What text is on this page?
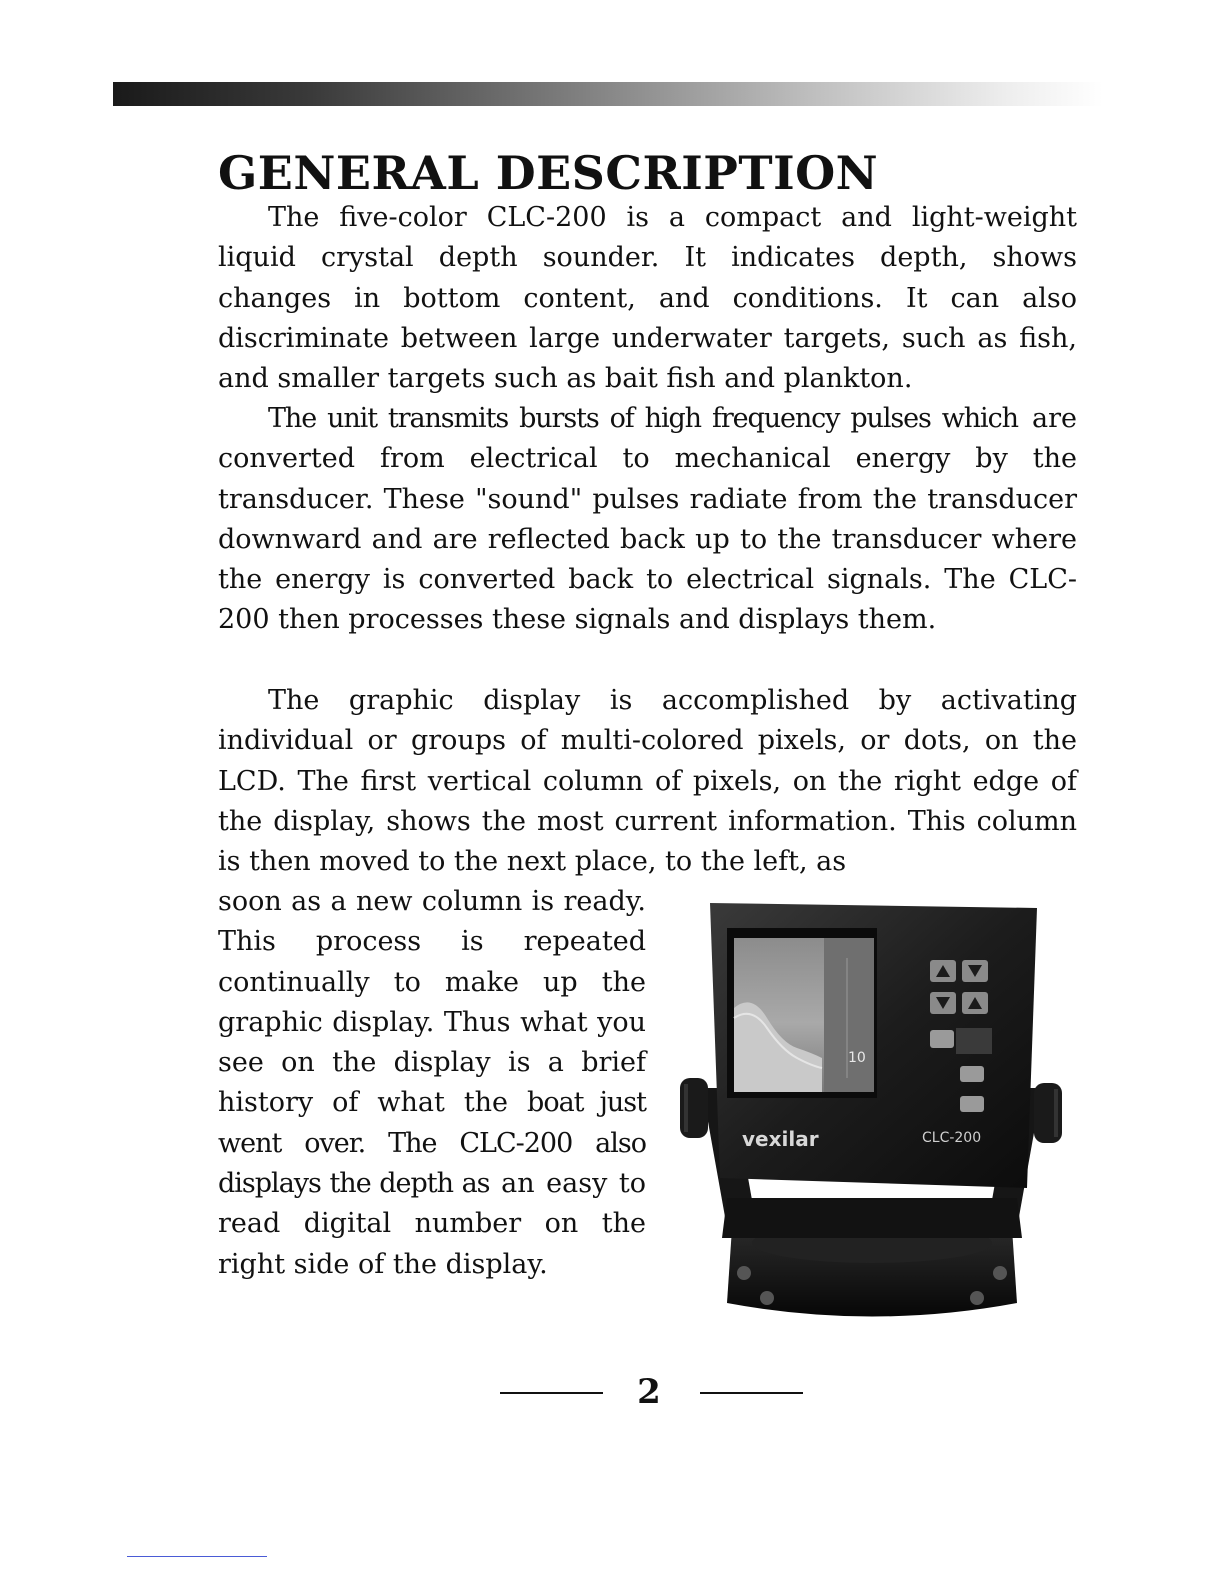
GENERAL DESCRIPTION

The five-color CLC-200 is a compact and light-weight liquid crystal depth sounder. It indicates depth, shows changes in bottom content, and conditions. It can also discriminate between large underwater targets, such as fish, and smaller targets such as bait fish and plankton.

The unit transmits bursts of high frequency pulses which are converted from electrical to mechanical energy by the transducer. These "sound" pulses radiate from the transducer downward and are reflected back up to the transducer where the energy is converted back to electrical signals. The CLC-200 then processes these signals and displays them.

The graphic display is accomplished by activating individual or groups of multi-colored pixels, or dots, on the LCD. The first vertical column of pixels, on the right edge of the display, shows the most current information. This column is then moved to the next place, to the left, as

soon as a new column is ready. This process is repeated continually to make up the graphic display. Thus what you see on the display is a brief history of what the boat just went over. The CLC-200 also displays the depth as an easy to read digital number on the right side of the display.

10
vexilar	CLC-200
2
